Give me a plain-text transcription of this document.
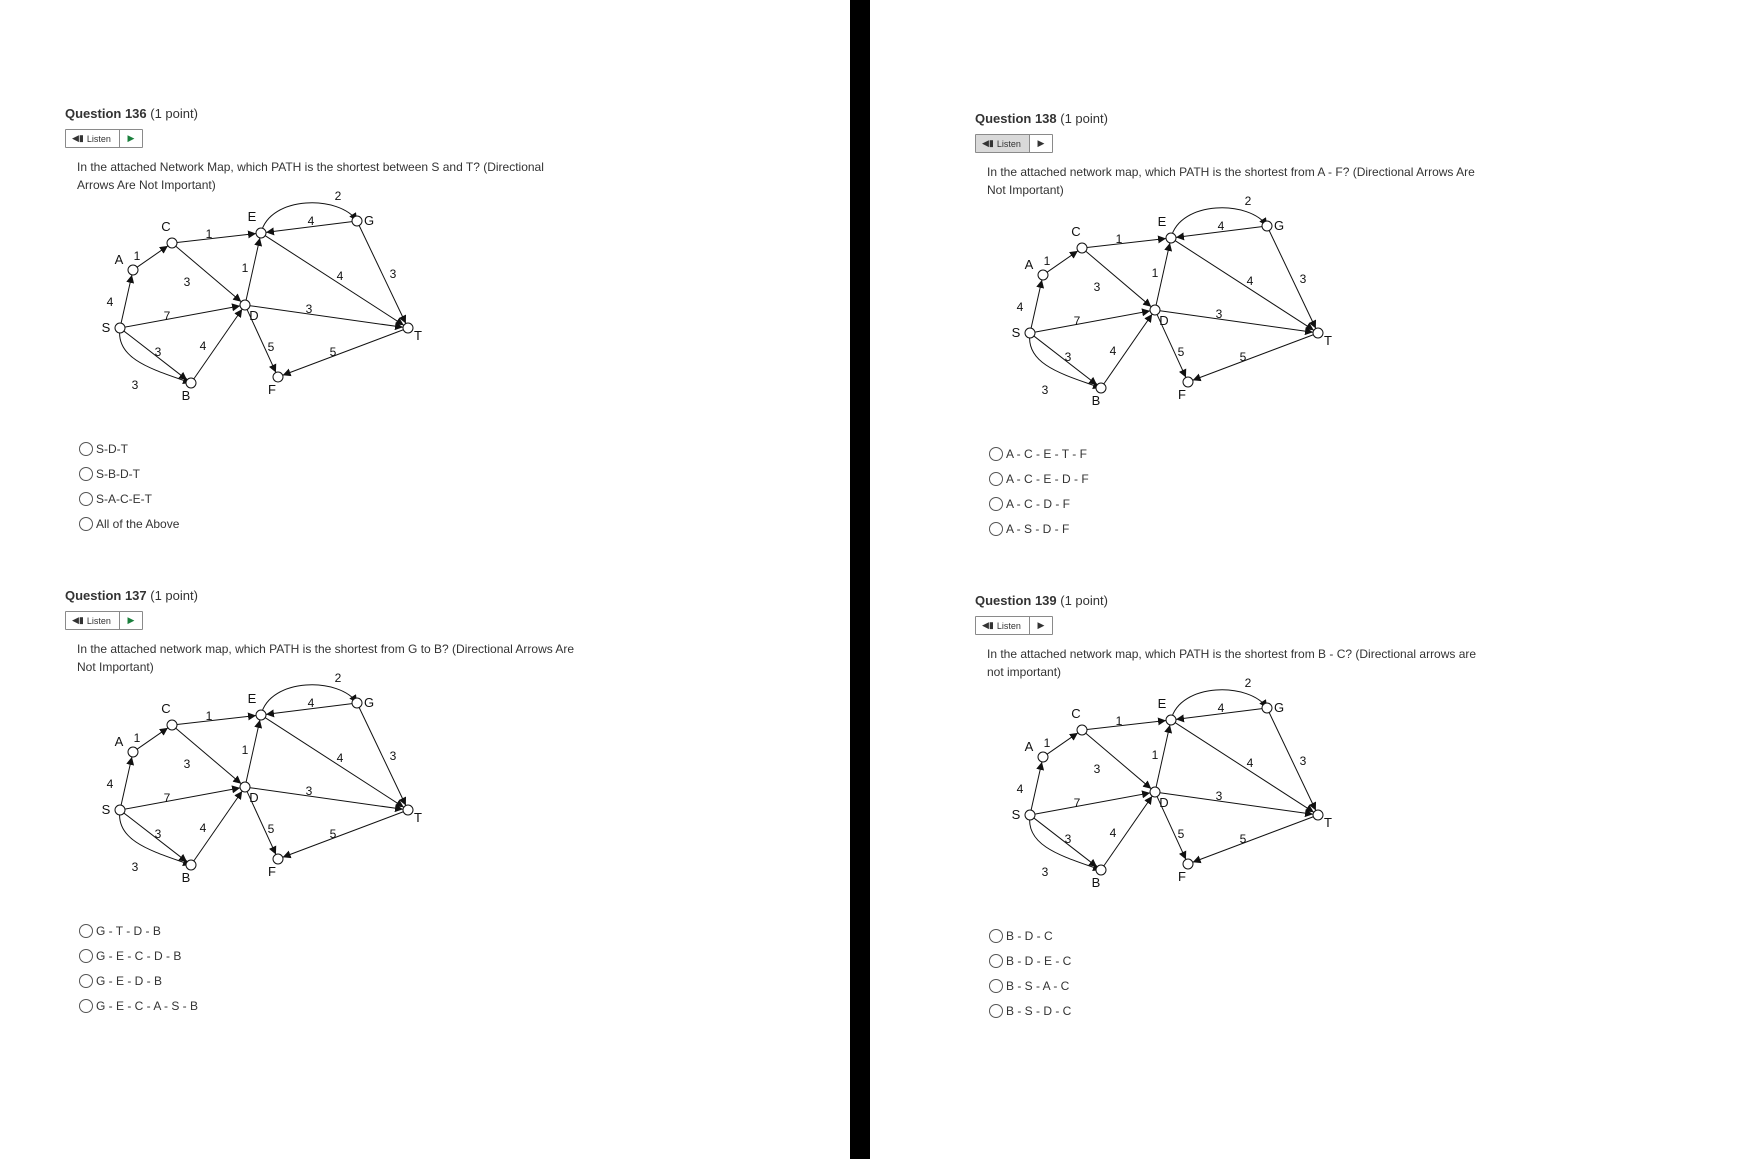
Question 136 (1 point)
◀︎▮ Listen	▶
In the attached Network Map, which PATH is the shortest between S and T? (Directional Arrows Are Not Important)
4
1
1
3
7
3
3
4
1
2
4
4	3
3
5	5
S
A
C
E	G
D
T
B	F
S-D-T
S-B-D-T
S-A-C-E-T
All of the Above
Question 137 (1 point)
◀︎▮ Listen	▶
In the attached network map, which PATH is the shortest from G to B? (Directional Arrows Are Not Important)
4
1
1
3
7
3
3
4
1
2
4
4	3
3
5	5
S
A
C
E	G
D
T
B	F
G - T - D - B
G - E - C - D - B
G - E - D - B
G - E - C - A - S - B
Question 138 (1 point)
◀︎▮ Listen	▶
In the attached network map, which PATH is the shortest from A - F? (Directional Arrows Are Not Important)
4
1
1
3
7
3
3
4
1
2
4
4	3
3
5	5
S
A
C
E	G
D
T
B	F
A - C - E - T - F
A - C - E - D - F
A - C - D - F
A - S - D - F
Question 139 (1 point)
◀︎▮ Listen	▶
In the attached network map, which PATH is the shortest from B - C? (Directional arrows are not important)
4
1
1
3
7
3
3
4
1
2
4
4	3
3
5	5
S
A
C
E	G
D
T
B	F
B - D - C
B - D - E - C
B - S - A - C
B - S - D - C
